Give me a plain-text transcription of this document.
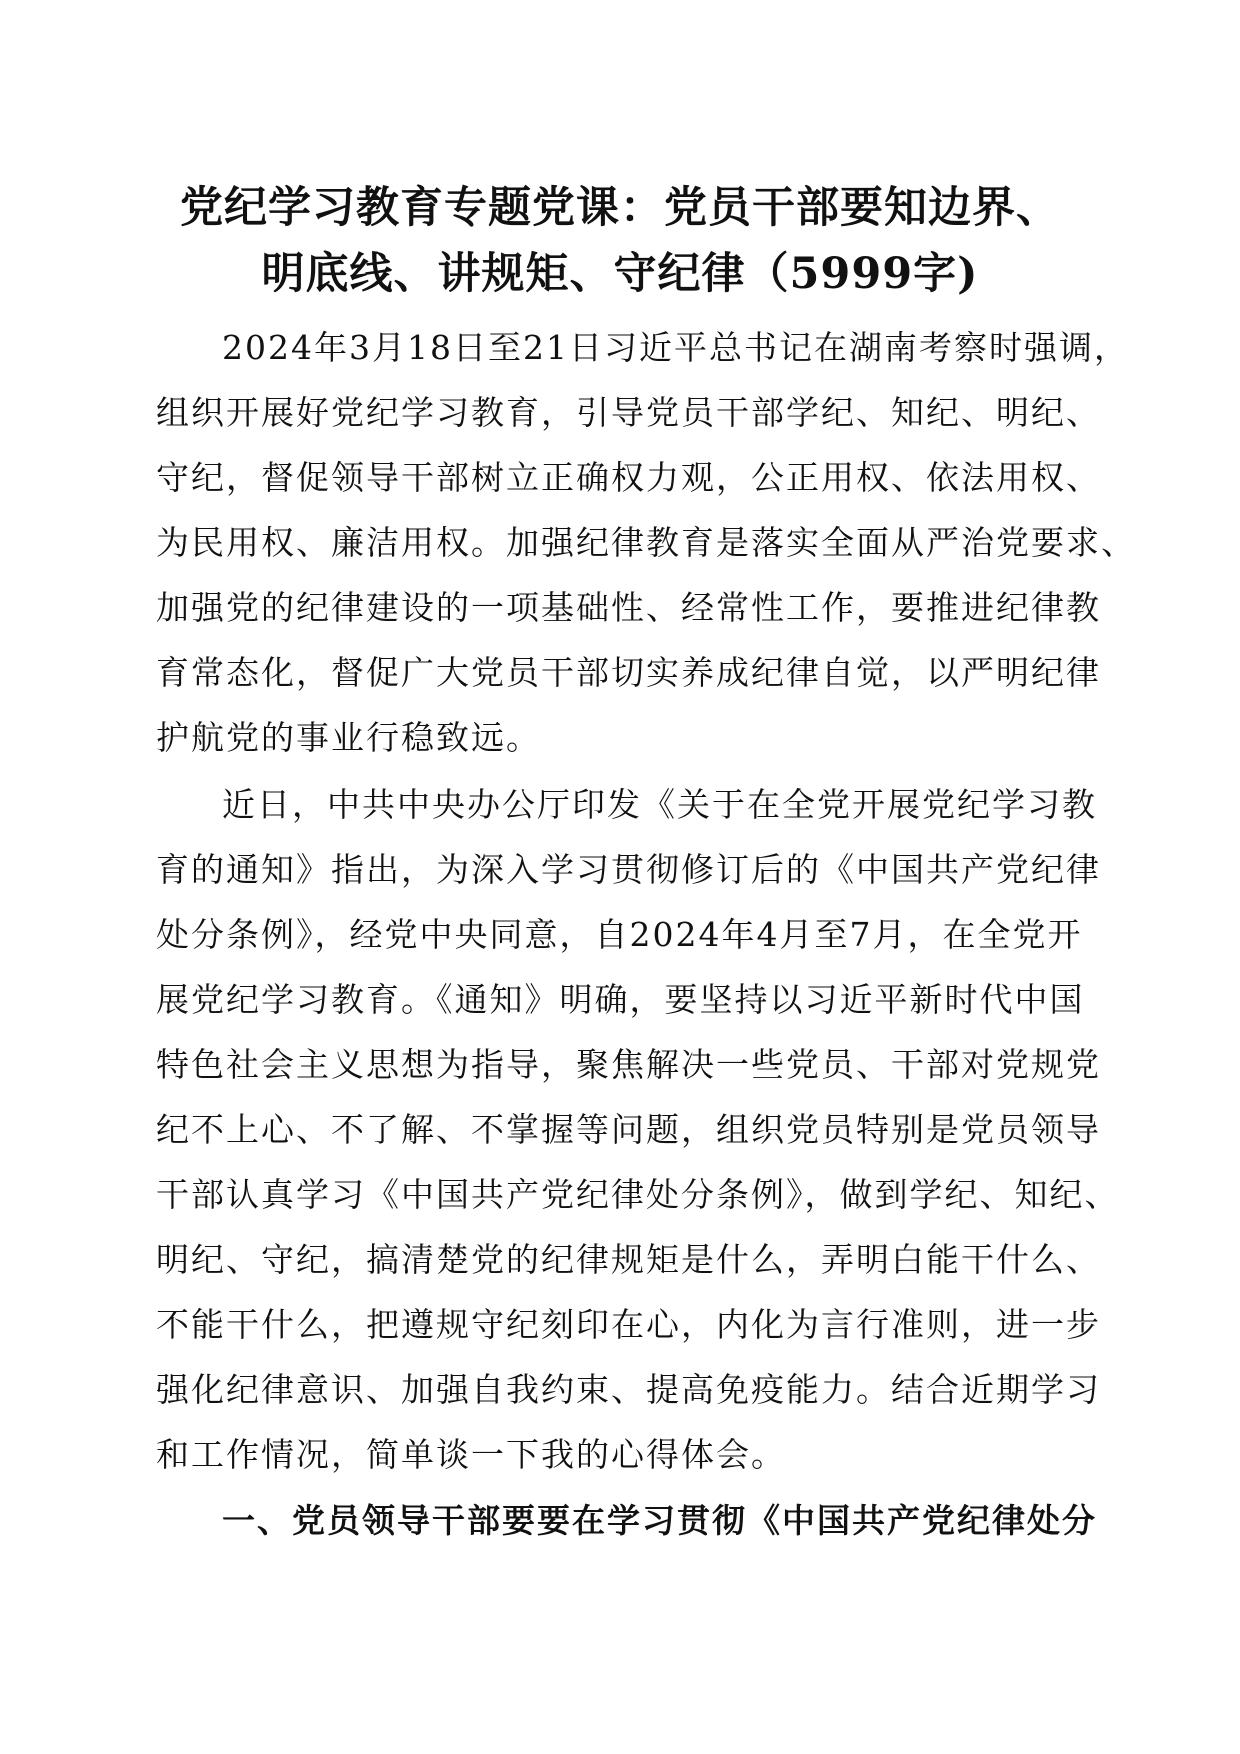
党纪学习教育专题党课：党员干部要知边界、
明底线、讲规矩、守纪律（5999字)
2024年3月18日至21日习近平总书记在湖南考察时强调，
组织开展好党纪学习教育，引导党员干部学纪、知纪、明纪、
守纪，督促领导干部树立正确权力观，公正用权、依法用权、
为民用权、廉洁用权。加强纪律教育是落实全面从严治党要求、
加强党的纪律建设的一项基础性、经常性工作，要推进纪律教
育常态化，督促广大党员干部切实养成纪律自觉，以严明纪律
护航党的事业行稳致远。
近日，中共中央办公厅印发《关于在全党开展党纪学习教
育的通知》指出，为深入学习贯彻修订后的《中国共产党纪律
处分条例》，经党中央同意，自2024年4月至7月，在全党开
展党纪学习教育。《通知》明确，要坚持以习近平新时代中国
特色社会主义思想为指导，聚焦解决一些党员、干部对党规党
纪不上心、不了解、不掌握等问题，组织党员特别是党员领导
干部认真学习《中国共产党纪律处分条例》，做到学纪、知纪、
明纪、守纪，搞清楚党的纪律规矩是什么，弄明白能干什么、
不能干什么，把遵规守纪刻印在心，内化为言行准则，进一步
强化纪律意识、加强自我约束、提高免疫能力。结合近期学习
和工作情况，简单谈一下我的心得体会。
一、党员领导干部要要在学习贯彻《中国共产党纪律处分
